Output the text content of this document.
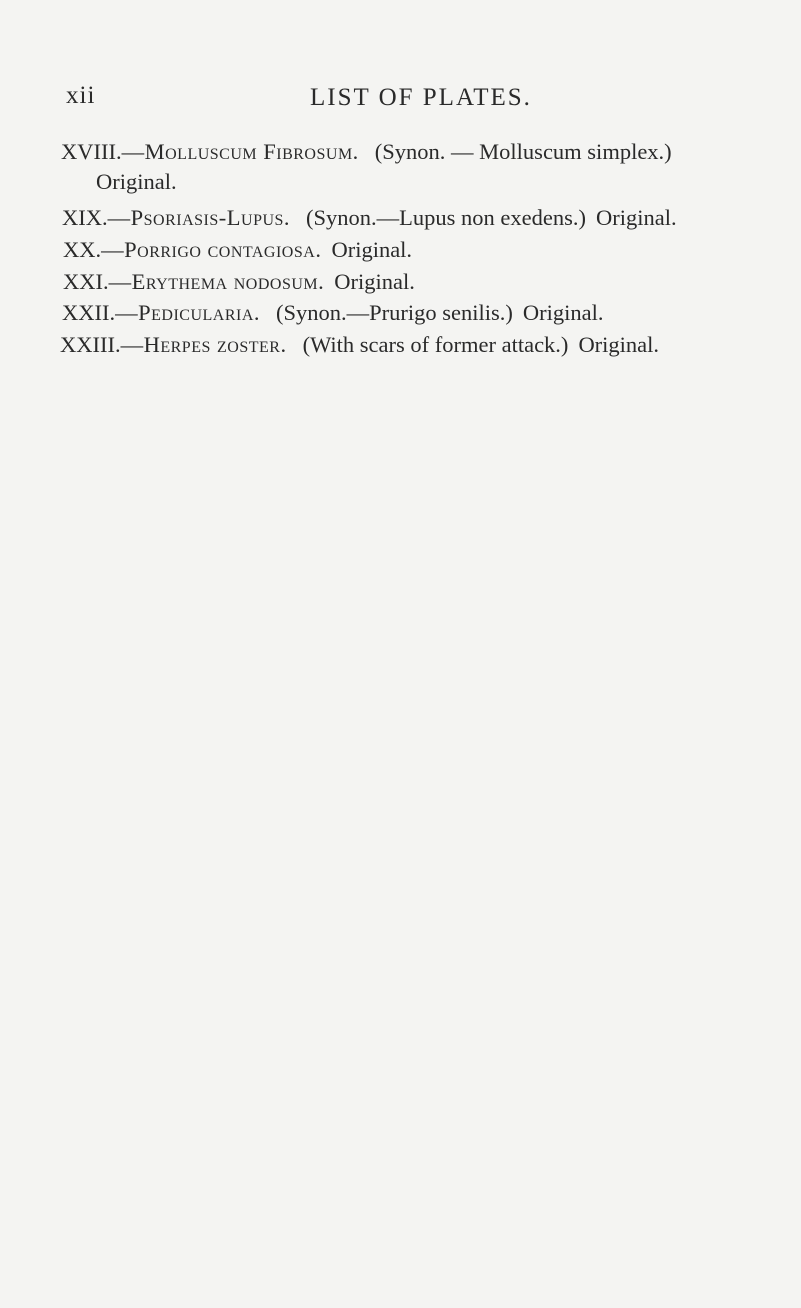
xii	LIST OF PLATES.
XVIII.—Molluscum Fibrosum. (Synon. — Molluscum simplex.)
Original.
XIX.—Psoriasis-Lupus. (Synon.—Lupus non exedens.) Original.
XX.—Porrigo contagiosa. Original.
XXI.—Erythema nodosum. Original.
XXII.—Pedicularia. (Synon.—Prurigo senilis.) Original.
XXIII.—Herpes zoster. (With scars of former attack.) Original.
